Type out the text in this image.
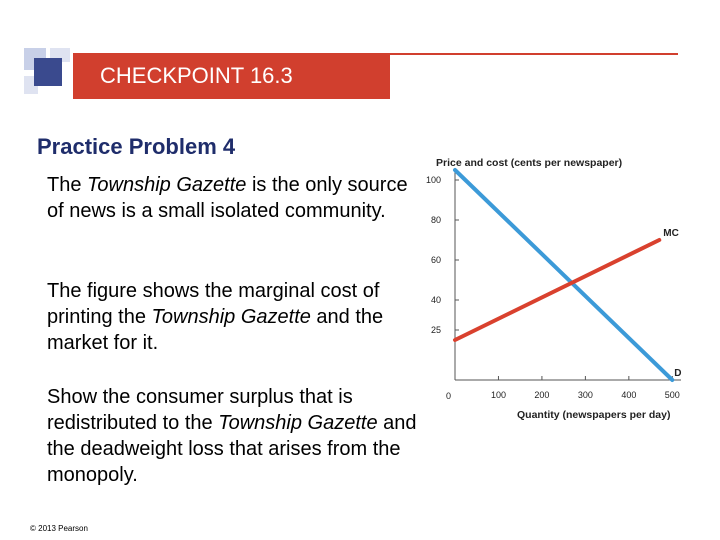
CHECKPOINT 16.3
Practice Problem 4
The Township Gazette is the only source of news is a small isolated community.
The figure shows the marginal cost of printing the Township Gazette and the market for it.
Show the consumer surplus that is redistributed to the Township Gazette and the deadweight loss that arises from the monopoly.
© 2013 Pearson
Price and cost (cents per newspaper)
Quantity (newspapers per day)
0	100	200	300	400	500
25
40
60
80
100
D
MC
